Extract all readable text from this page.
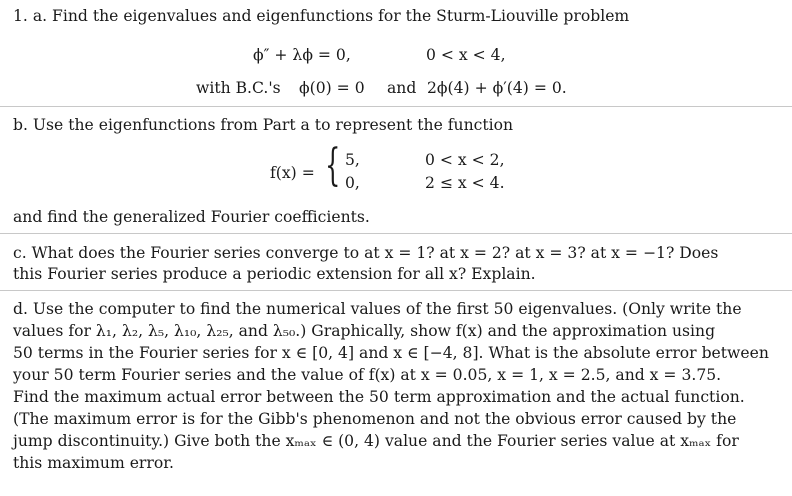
1. a. Find the eigenvalues and eigenfunctions for the Sturm-Liouville problem
ϕ″ + λϕ = 0,	0 < x < 4,
with B.C.'s ϕ(0) = 0 and 2ϕ(4) + ϕ′(4) = 0.
b. Use the eigenfunctions from Part a to represent the function
f(x) = { 5,	0 < x < 2,
0,	2 ≤ x < 4.
and find the generalized Fourier coefficients.
c. What does the Fourier series converge to at x = 1? at x = 2? at x = 3? at x = −1? Does
this Fourier series produce a periodic extension for all x? Explain.
d. Use the computer to find the numerical values of the first 50 eigenvalues. (Only write the
values for λ₁, λ₂, λ₅, λ₁₀, λ₂₅, and λ₅₀.) Graphically, show f(x) and the approximation using
50 terms in the Fourier series for x ∈ [0, 4] and x ∈ [−4, 8]. What is the absolute error between
your 50 term Fourier series and the value of f(x) at x = 0.05, x = 1, x = 2.5, and x = 3.75.
Find the maximum actual error between the 50 term approximation and the actual function.
(The maximum error is for the Gibb's phenomenon and not the obvious error caused by the
jump discontinuity.) Give both the xₘₐₓ ∈ (0, 4) value and the Fourier series value at xₘₐₓ for
this maximum error.
